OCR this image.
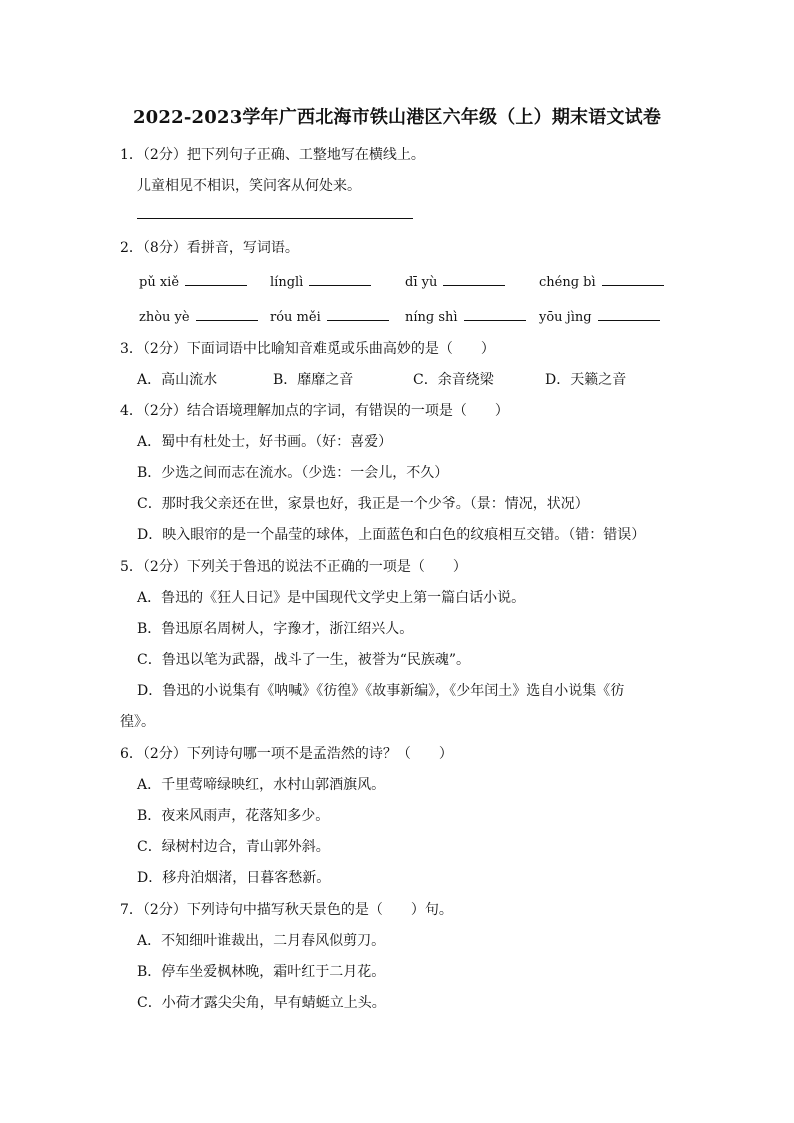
2022-2023学年广西北海市铁山港区六年级（上）期末语文试卷
1．（2分）把下列句子正确、工整地写在横线上。
儿童相见不相识，笑问客从何处来。
2．（8分）看拼音，写词语。
pǔ xiě	línglì	dī yù	chénɡ bì
zhòu yè	róu měi	nínɡ shì	yōu jìnɡ
3．（2分）下面词语中比喻知音难觅或乐曲高妙的是（　　）
A．高山流水	B．靡靡之音	C．余音绕梁	D．天籁之音
4．（2分）结合语境理解加点的字词，有错误的一项是（　　）
A．蜀中有杜处士，好书画。（好：喜爱）
B．少选之间而志在流水。（少选：一会儿，不久）
C．那时我父亲还在世，家景也好，我正是一个少爷。（景：情况，状况）
D．映入眼帘的是一个晶莹的球体，上面蓝色和白色的纹痕相互交错。（错：错误）
5．（2分）下列关于鲁迅的说法不正确的一项是（　　）
A．鲁迅的《狂人日记》是中国现代文学史上第一篇白话小说。
B．鲁迅原名周树人，字豫才，浙江绍兴人。
C．鲁迅以笔为武器，战斗了一生，被誉为“民族魂”。
D．鲁迅的小说集有《呐喊》《彷徨》《故事新编》，《少年闰土》选自小说集《彷
徨》。
6．（2分）下列诗句哪一项不是孟浩然的诗？（　　）
A．千里莺啼绿映红，水村山郭酒旗风。
B．夜来风雨声，花落知多少。
C．绿树村边合，青山郭外斜。
D．移舟泊烟渚，日暮客愁新。
7．（2分）下列诗句中描写秋天景色的是（　　）句。
A．不知细叶谁裁出，二月春风似剪刀。
B．停车坐爱枫林晚，霜叶红于二月花。
C．小荷才露尖尖角，早有蜻蜓立上头。
